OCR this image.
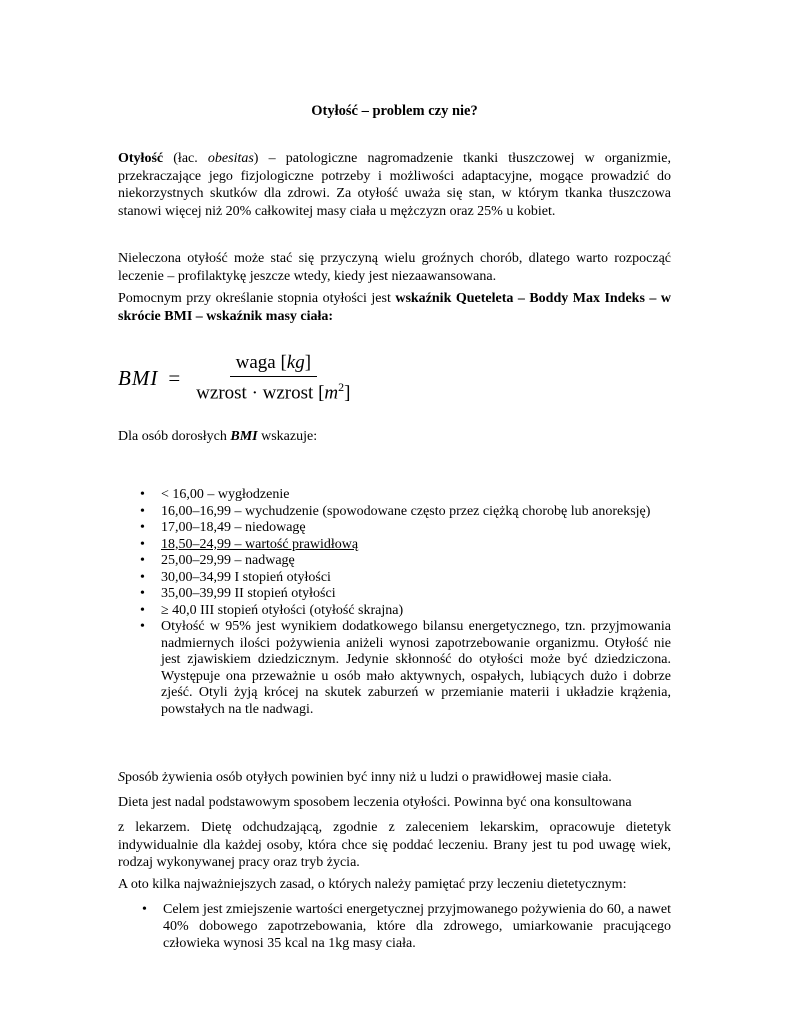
Otyłość – problem czy nie?

Otyłość (łac. obesitas) – patologiczne nagromadzenie tkanki tłuszczowej w organizmie, przekraczające jego fizjologiczne potrzeby i możliwości adaptacyjne, mogące prowadzić do niekorzystnych skutków dla zdrowi. Za otyłość uważa się stan, w którym tkanka tłuszczowa stanowi więcej niż 20% całkowitej masy ciała u mężczyzn oraz 25% u kobiet.

Nieleczona otyłość może stać się przyczyną wielu groźnych chorób, dlatego warto rozpocząć leczenie – profilaktykę jeszcze wtedy, kiedy jest niezaawansowana.

Pomocnym przy określanie stopnia otyłości jest wskaźnik Queteleta – Boddy Max Indeks – w skrócie BMI – wskaźnik masy ciała:

BMI = $\frac{\text{waga [kg]}}{wzrost \cdot wzrost [m^2]}$

Dla osób dorosłych BMI wskazuje:

• < 16,00 – wygłodzenie
• 16,00–16,99 – wychudzenie (spowodowane często przez ciężką chorobę lub anoreksję)
• 17,00–18,49 – niedowagę
• 18,50–24,99 – wartość prawidłową
• 25,00–29,99 – nadwagę
• 30,00–34,99 I stopień otyłości
• 35,00–39,99 II stopień otyłości
• ≥ 40,0 III stopień otyłości (otyłość skrajna)
• Otyłość w 95% jest wynikiem dodatkowego bilansu energetycznego, tzn. przyjmowania nadmiernych ilości pożywienia aniżeli wynosi zapotrzebowanie organizmu. Otyłość nie jest zjawiskiem dziedzicznym. Jedynie skłonność do otyłości może być dziedziczona. Występuje ona przeważnie u osób mało aktywnych, ospałych, lubiących dużo i dobrze zjeść. Otyli żyją krócej na skutek zaburzeń w przemianie materii i układzie krążenia, powstałych na tle nadwagi.

Sposób żywienia osób otyłych powinien być inny niż u ludzi o prawidłowej masie ciała.

Dieta jest nadal podstawowym sposobem leczenia otyłości. Powinna być ona konsultowana

z lekarzem. Dietę odchudzającą, zgodnie z zaleceniem lekarskim, opracowuje dietetyk indywidualnie dla każdej osoby, która chce się poddać leczeniu. Brany jest tu pod uwagę wiek, rodzaj wykonywanej pracy oraz tryb życia.

A oto kilka najważniejszych zasad, o których należy pamiętać przy leczeniu dietetycznym:

• Celem jest zmiejszenie wartości energetycznej przyjmowanego pożywienia do 60, a nawet 40% dobowego zapotrzebowania, które dla zdrowego, umiarkowanie pracującego człowieka wynosi 35 kcal na 1kg masy ciała.
